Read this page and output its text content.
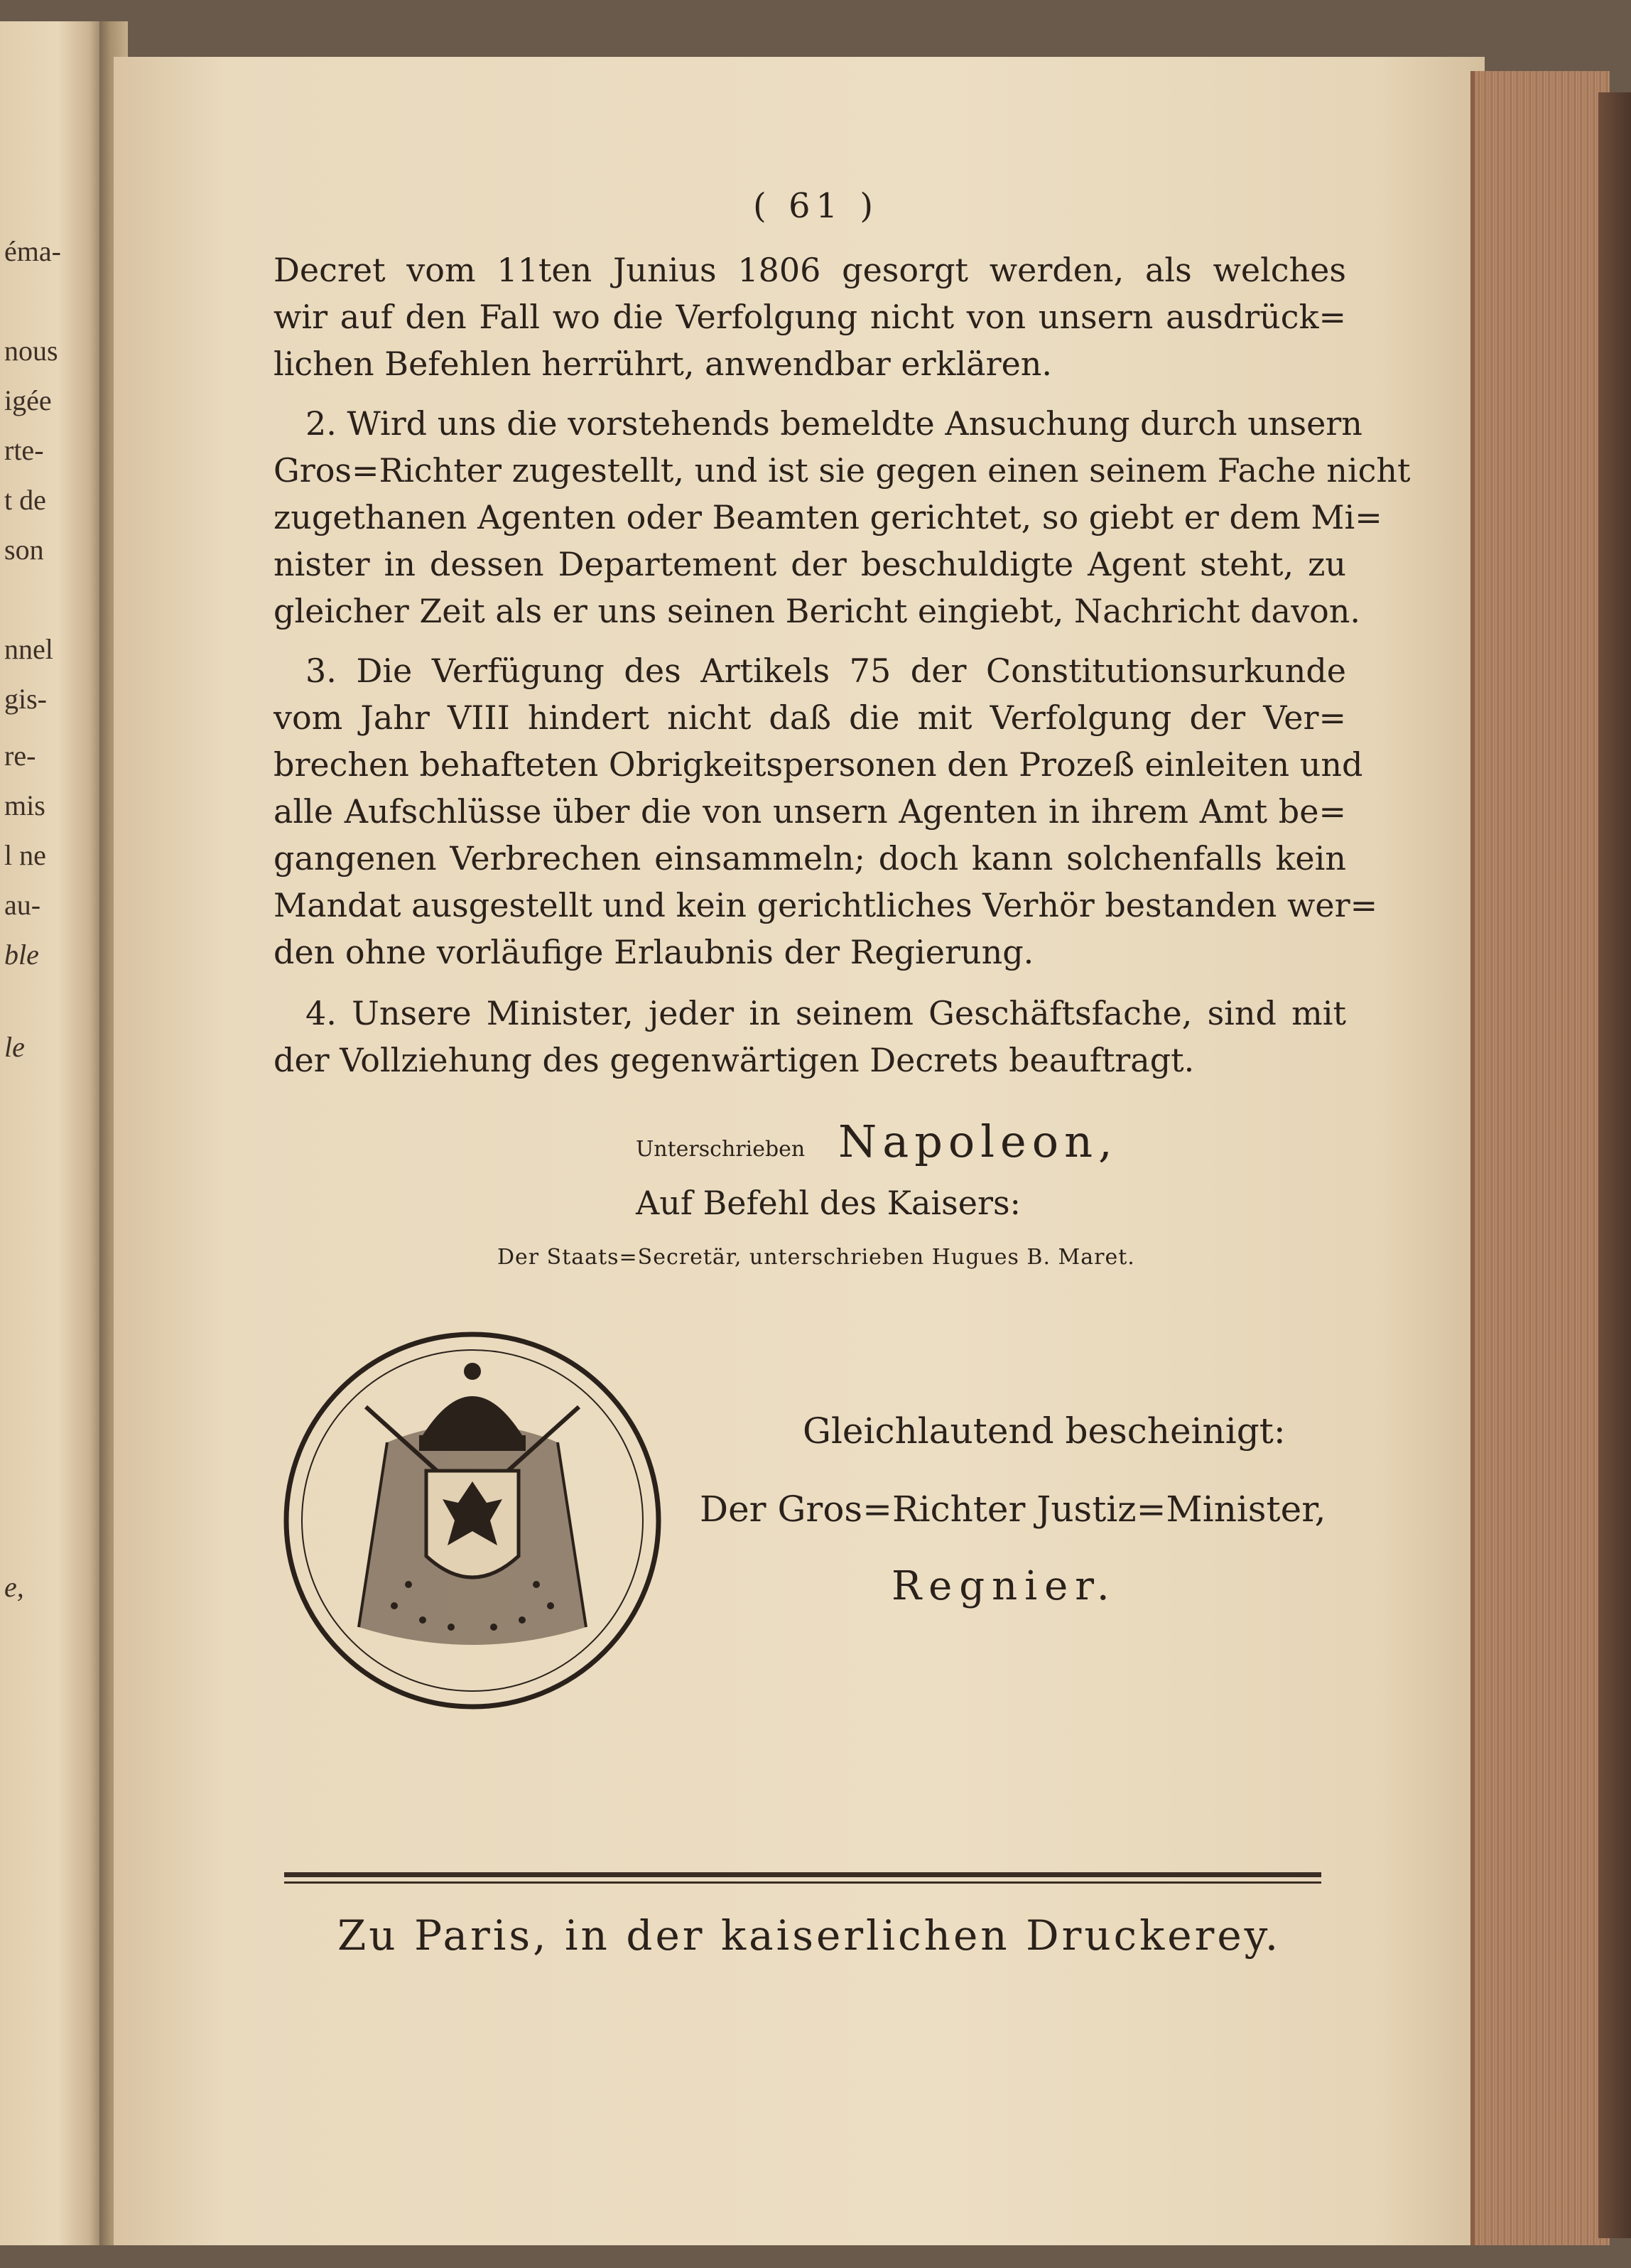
éma-
nous
igée
rte-
t de
son
nnel
gis-
re-
mis
l ne
au-
ble
le
e,
( 61 )
Decret vom 11ten Junius 1806 gesorgt werden, als welches
wir auf den Fall wo die Verfolgung nicht von unsern ausdrück=
lichen Befehlen herrührt, anwendbar erklären.
2. Wird uns die vorstehends bemeldte Ansuchung durch unsern
Gros=Richter zugestellt, und ist sie gegen einen seinem Fache nicht
zugethanen Agenten oder Beamten gerichtet, so giebt er dem Mi=
nister in dessen Departement der beschuldigte Agent steht, zu
gleicher Zeit als er uns seinen Bericht eingiebt, Nachricht davon.
3. Die Verfügung des Artikels 75 der Constitutionsurkunde
vom Jahr VIII hindert nicht daß die mit Verfolgung der Ver=
brechen behafteten Obrigkeitspersonen den Prozeß einleiten und
alle Aufschlüsse über die von unsern Agenten in ihrem Amt be=
gangenen Verbrechen einsammeln; doch kann solchenfalls kein
Mandat ausgestellt und kein gerichtliches Verhör bestanden wer=
den ohne vorläufige Erlaubnis der Regierung.
4. Unsere Minister, jeder in seinem Geschäftsfache, sind mit
der Vollziehung des gegenwärtigen Decrets beauftragt.
Unterschrieben Napoleon,
Auf Befehl des Kaisers:
Der Staats=Secretär, unterschrieben Hugues B. Maret.
Gleichlautend bescheinigt:
Der Gros=Richter Justiz=Minister,
Regnier.
Zu Paris, in der kaiserlichen Druckerey.
